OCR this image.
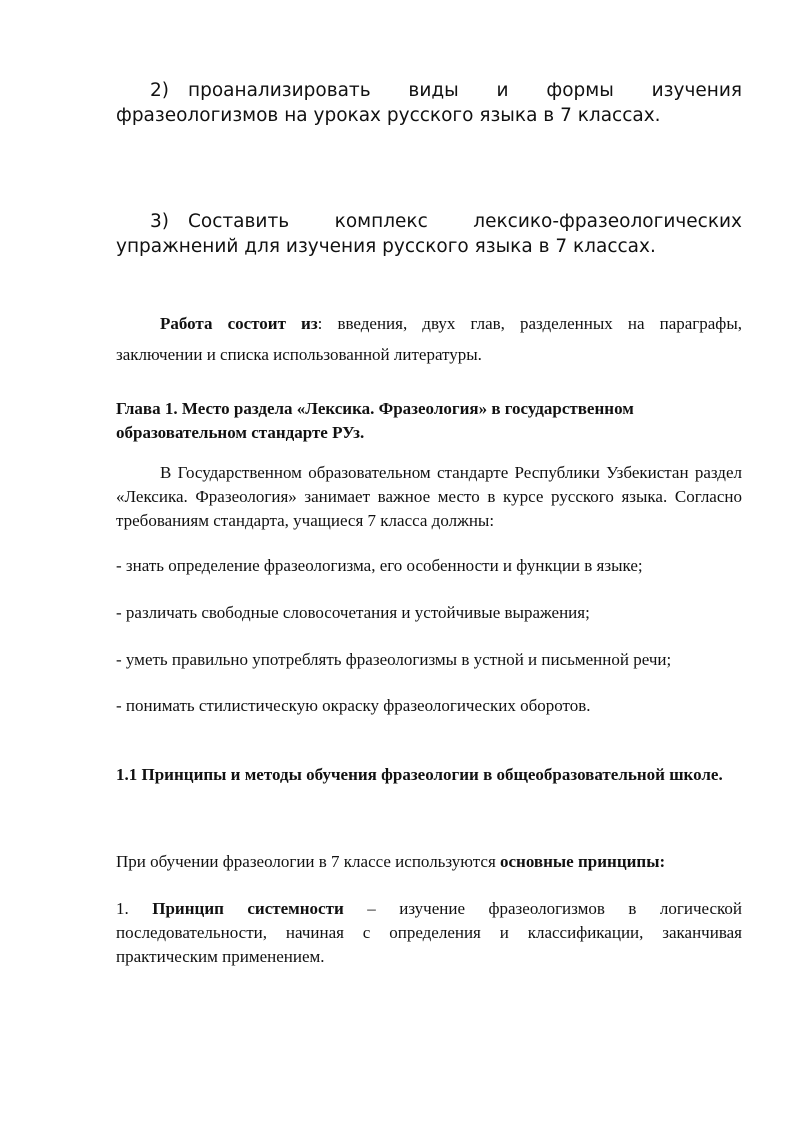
2) проанализировать виды и формы изучения фразеологизмов на уроках русского языка в 7 классах.
3) Составить комплекс лексико-фразеологических упражнений для изучения русского языка в 7 классах.
Работа состоит из: введения, двух глав, разделенных на параграфы, заключении и списка использованной литературы.
Глава 1. Место раздела «Лексика. Фразеология» в государственном образовательном стандарте РУз.
В Государственном образовательном стандарте Республики Узбекистан раздел «Лексика. Фразеология» занимает важное место в курсе русского языка. Согласно требованиям стандарта, учащиеся 7 класса должны:
- знать определение фразеологизма, его особенности и функции в языке;
- различать свободные словосочетания и устойчивые выражения;
- уметь правильно употреблять фразеологизмы в устной и письменной речи;
- понимать стилистическую окраску фразеологических оборотов.
1.1 Принципы и методы обучения фразеологии в общеобразовательной школе.
При обучении фразеологии в 7 классе используются основные принципы:
1. Принцип системности – изучение фразеологизмов в логической последовательности, начиная с определения и классификации, заканчивая практическим применением.
